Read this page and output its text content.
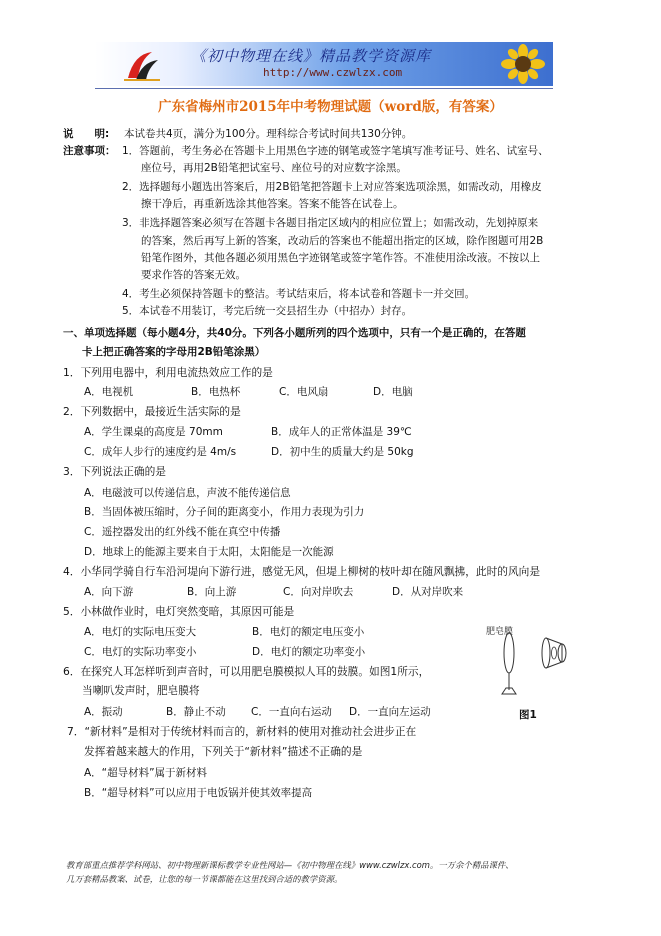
《初中物理在线》精品教学资源库
http://www.czwlzx.com
广东省梅州市2015年中考物理试题（word版，有答案）
说　　明: 本试卷共4页，满分为100分。理科综合考试时间共130分钟。
注意事项： 1．答题前，考生务必在答题卡上用黑色字迹的钢笔或签字笔填写准考证号、姓名、试室号、
座位号，再用2B铅笔把试室号、座位号的对应数字涂黑。
2．选择题每小题选出答案后，用2B铅笔把答题卡上对应答案选项涂黑，如需改动，用橡皮
擦干净后，再重新选涂其他答案。答案不能答在试卷上。
3．非选择题答案必须写在答题卡各题目指定区域内的相应位置上；如需改动，先划掉原来
的答案，然后再写上新的答案，改动后的答案也不能超出指定的区域，除作图题可用2B
铅笔作图外，其他各题必须用黑色字迹钢笔或签字笔作答。不准使用涂改液。不按以上
要求作答的答案无效。
4．考生必须保持答题卡的整洁。考试结束后，将本试卷和答题卡一并交回。
5．本试卷不用装订，考完后统一交县招生办（中招办）封存。
一、单项选择题（每小题4分，共40分。下列各小题所列的四个选项中，只有一个是正确的，在答题
卡上把正确答案的字母用2B铅笔涂黑）
1．下列用电器中，利用电流热效应工作的是
A．电视机	B．电热杯	C．电风扇	D．电脑
2．下列数据中，最接近生活实际的是
A．学生课桌的高度是 70mm	B．成年人的正常体温是 39℃
C．成年人步行的速度约是 4m/s	D．初中生的质量大约是 50kg
3．下列说法正确的是
A．电磁波可以传递信息，声波不能传递信息
B．当固体被压缩时，分子间的距离变小，作用力表现为引力
C．遥控器发出的红外线不能在真空中传播
D．地球上的能源主要来自于太阳，太阳能是一次能源
4．小华同学骑自行车沿河堤向下游行进，感觉无风，但堤上柳树的枝叶却在随风飘拂，此时的风向是
A．向下游	B．向上游	C．向对岸吹去	D．从对岸吹来
5．小林做作业时，电灯突然变暗，其原因可能是
A．电灯的实际电压变大	B．电灯的额定电压变小
C．电灯的实际功率变小	D．电灯的额定功率变小
6．在探究人耳怎样听到声音时，可以用肥皂膜模拟人耳的鼓膜。如图1所示，
当喇叭发声时，肥皂膜将
A．振动	B．静止不动 C．一直向右运动 D．一直向左运动
肥皂膜
图1
7．“新材料”是相对于传统材料而言的，新材料的使用对推动社会进步正在
发挥着越来越大的作用，下列关于“新材料”描述不正确的是
A．“超导材料”属于新材料
B．“超导材料”可以应用于电饭锅并使其效率提高
教育部重点推荐学科网站、初中物理新课标教学专业性网站—《初中物理在线》www.czwlzx.com。一万余个精品课件、
几万套精品教案、试卷，让您的每一节课都能在这里找到合适的教学资源。
